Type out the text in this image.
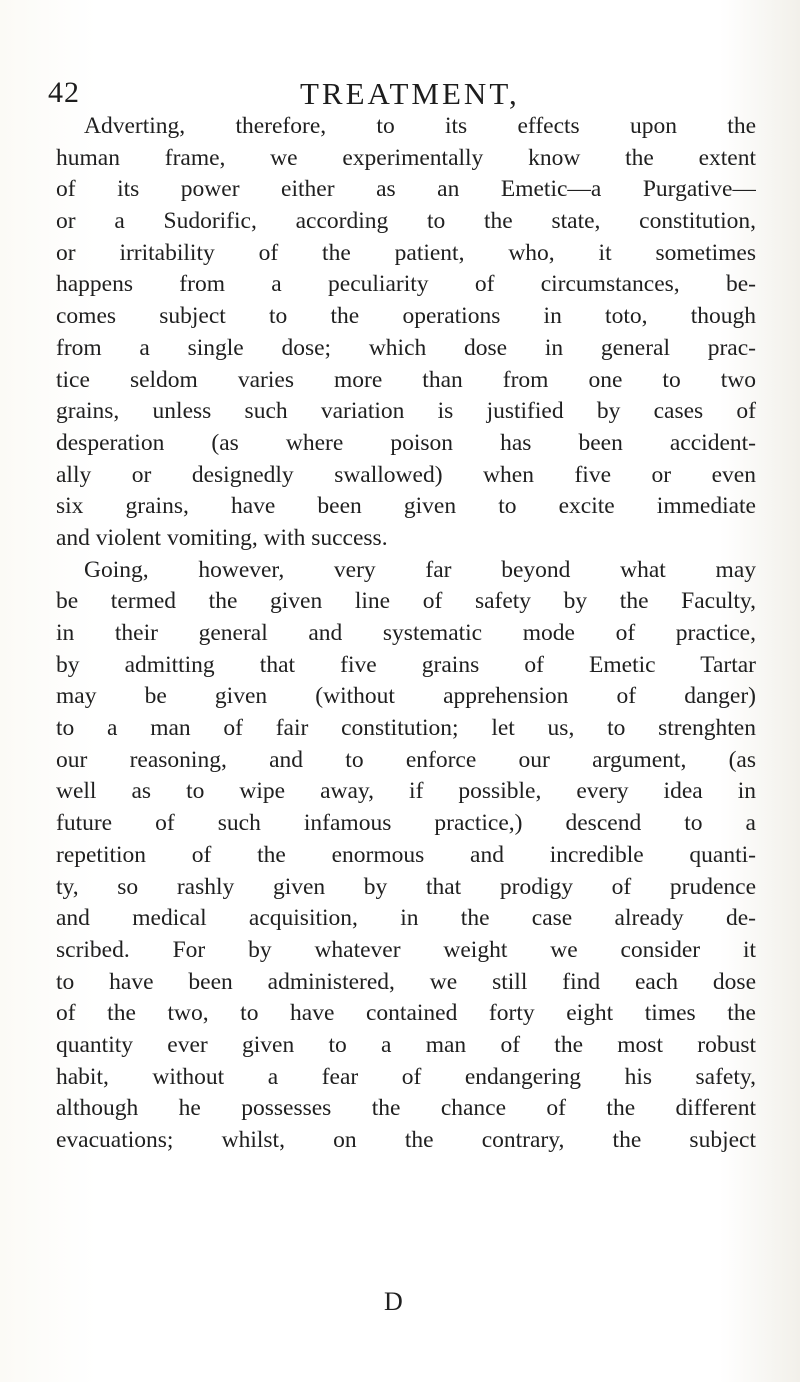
42	TREATMENT,
Adverting, therefore, to its effects upon the
human frame, we experimentally know the extent
of its power either as an Emetic—a Purgative—
or a Sudorific, according to the state, constitution,
or irritability of the patient, who, it sometimes
happens from a peculiarity of circumstances, be-
comes subject to the operations in toto, though
from a single dose; which dose in general prac-
tice seldom varies more than from one to two
grains, unless such variation is justified by cases of
desperation (as where poison has been accident-
ally or designedly swallowed) when five or even
six grains, have been given to excite immediate
and violent vomiting, with success.
Going, however, very far beyond what may
be termed the given line of safety by the Faculty,
in their general and systematic mode of practice,
by admitting that five grains of Emetic Tartar
may be given (without apprehension of danger)
to a man of fair constitution; let us, to strenghten
our reasoning, and to enforce our argument, (as
well as to wipe away, if possible, every idea in
future of such infamous practice,) descend to a
repetition of the enormous and incredible quanti-
ty, so rashly given by that prodigy of prudence
and medical acquisition, in the case already de-
scribed. For by whatever weight we consider it
to have been administered, we still find each dose
of the two, to have contained forty eight times the
quantity ever given to a man of the most robust
habit, without a fear of endangering his safety,
although he possesses the chance of the different
evacuations; whilst, on the contrary, the subject
D
